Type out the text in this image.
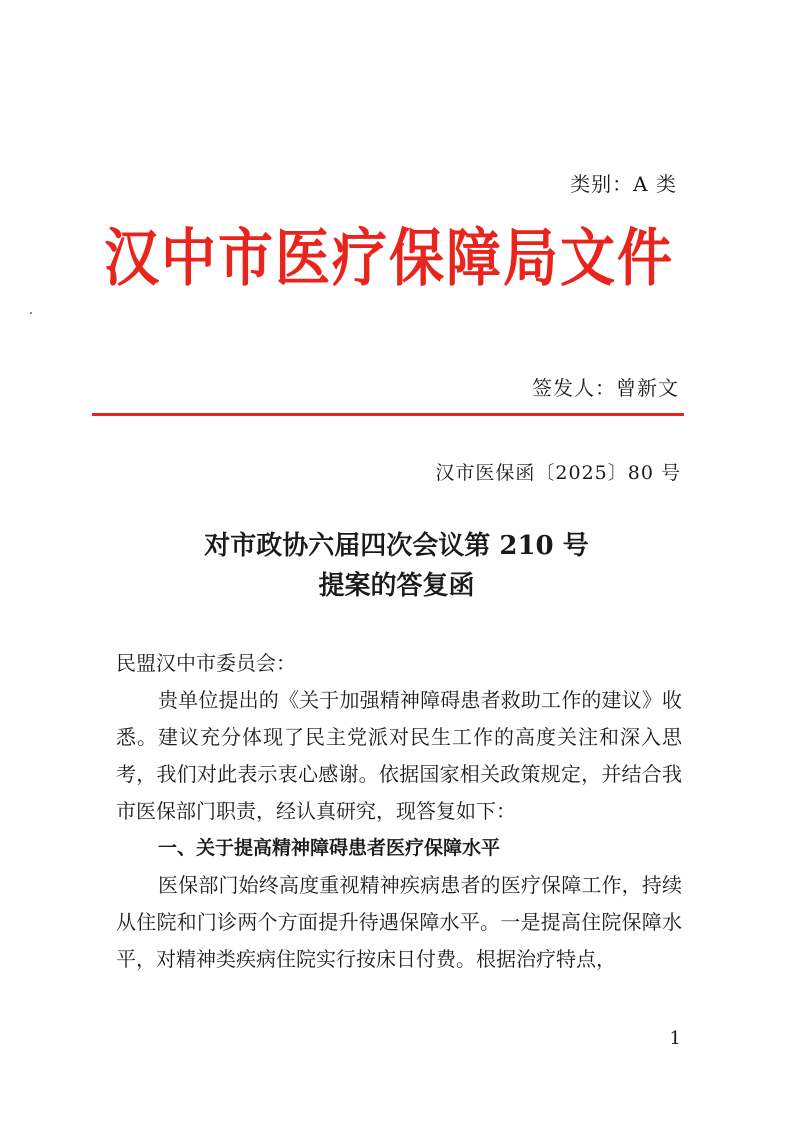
类别：A 类
汉中市医疗保障局文件
签发人：曾新文
汉市医保函〔2025〕80 号
对市政协六届四次会议第 210 号
提案的答复函

民盟汉中市委员会：

贵单位提出的《关于加强精神障碍患者救助工作的建议》收悉。建议充分体现了民主党派对民生工作的高度关注和深入思考，我们对此表示衷心感谢。依据国家相关政策规定，并结合我市医保部门职责，经认真研究，现答复如下：

一、关于提高精神障碍患者医疗保障水平

医保部门始终高度重视精神疾病患者的医疗保障工作，持续从住院和门诊两个方面提升待遇保障水平。一是提高住院保障水平，对精神类疾病住院实行按床日付费。根据治疗特点，

1
